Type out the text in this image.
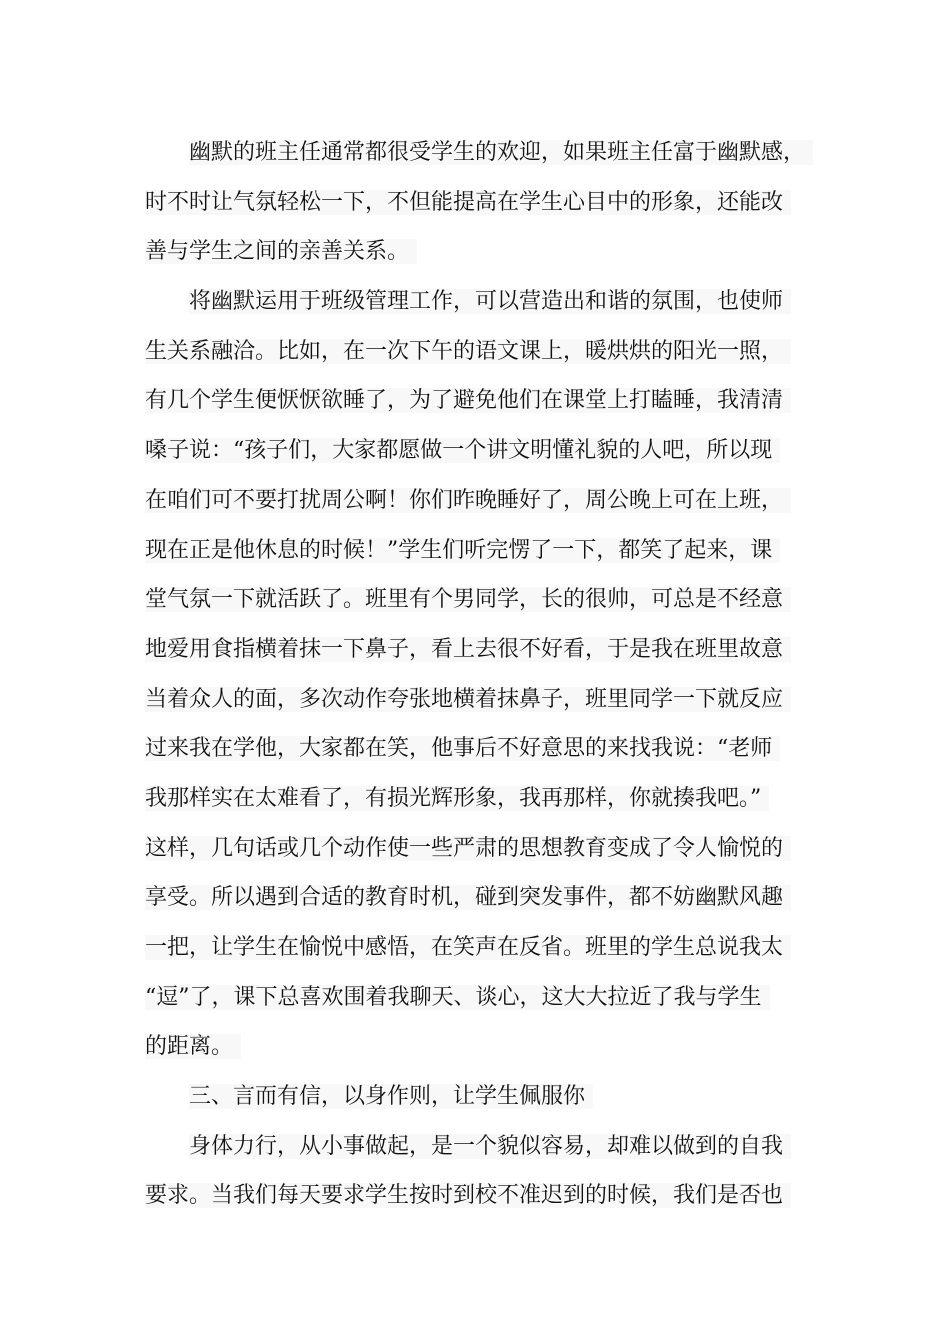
幽默的班主任通常都很受学生的欢迎，如果班主任富于幽默感，
时不时让气氛轻松一下，不但能提高在学生心目中的形象，还能改
善与学生之间的亲善关系。
将幽默运用于班级管理工作，可以营造出和谐的氛围，也使师
生关系融洽。比如，在一次下午的语文课上，暖烘烘的阳光一照，
有几个学生便恹恹欲睡了，为了避免他们在课堂上打瞌睡，我清清
嗓子说：“孩子们，大家都愿做一个讲文明懂礼貌的人吧，所以现
在咱们可不要打扰周公啊！你们昨晚睡好了，周公晚上可在上班，
现在正是他休息的时候！”学生们听完愣了一下，都笑了起来，课
堂气氛一下就活跃了。班里有个男同学，长的很帅，可总是不经意
地爱用食指横着抹一下鼻子，看上去很不好看，于是我在班里故意
当着众人的面，多次动作夸张地横着抹鼻子，班里同学一下就反应
过来我在学他，大家都在笑，他事后不好意思的来找我说：“老师
我那样实在太难看了，有损光辉形象，我再那样，你就揍我吧。”
这样，几句话或几个动作使一些严肃的思想教育变成了令人愉悦的
享受。所以遇到合适的教育时机，碰到突发事件，都不妨幽默风趣
一把，让学生在愉悦中感悟，在笑声在反省。班里的学生总说我太
“逗”了，课下总喜欢围着我聊天、谈心，这大大拉近了我与学生
的距离。
三、言而有信，以身作则，让学生佩服你
身体力行，从小事做起，是一个貌似容易，却难以做到的自我
要求。当我们每天要求学生按时到校不准迟到的时候，我们是否也
